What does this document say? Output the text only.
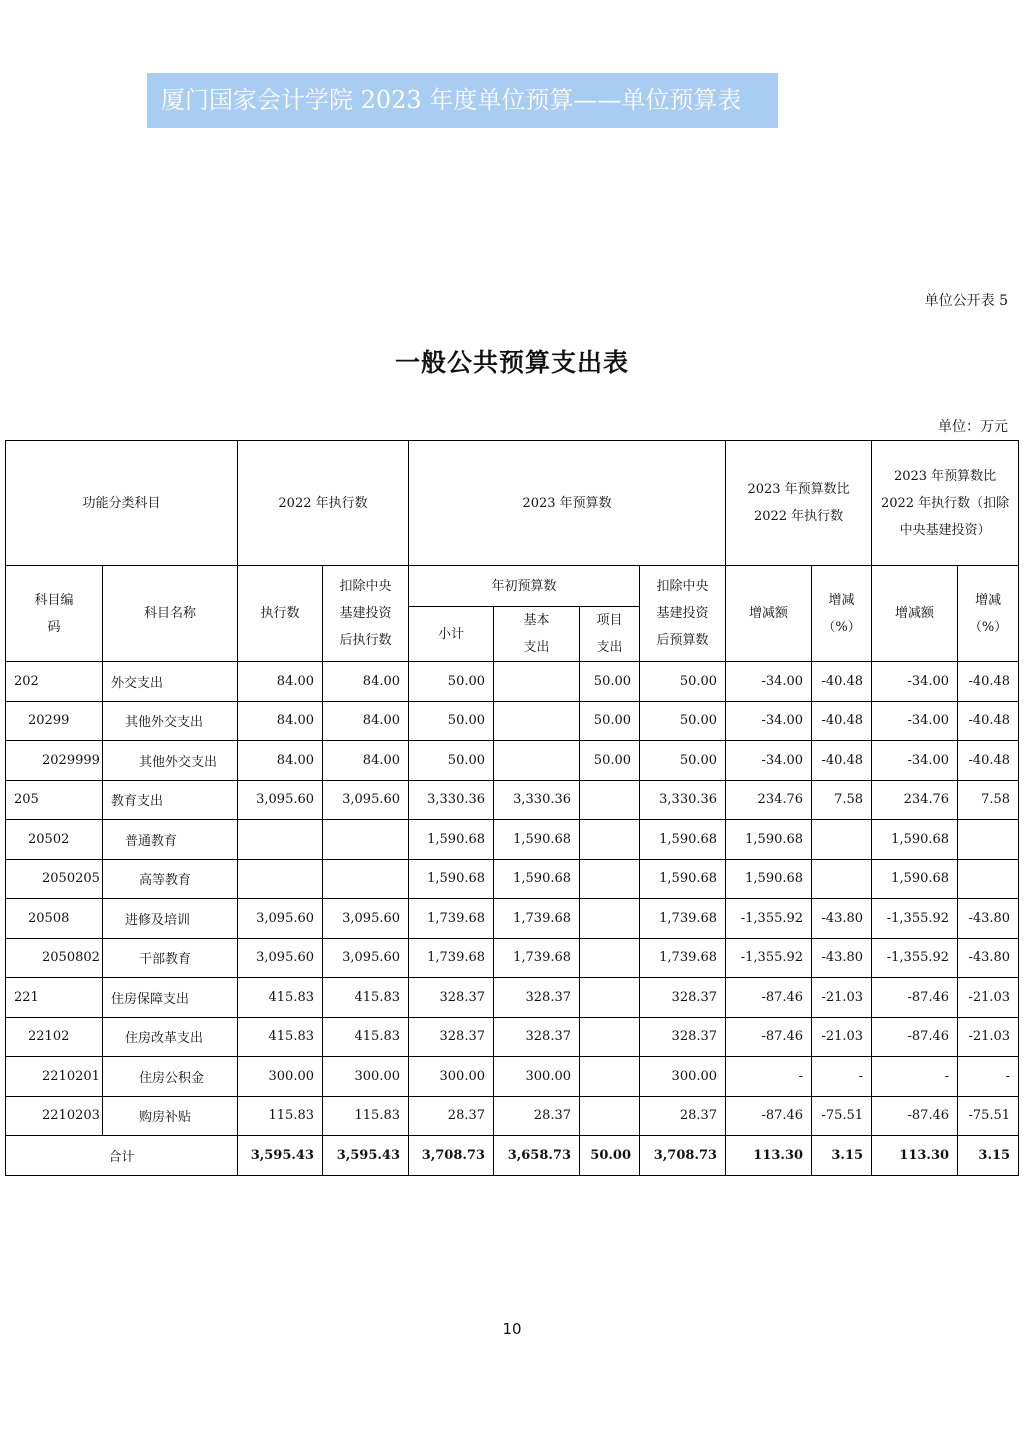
厦门国家会计学院 2023 年度单位预算——单位预算表
单位公开表 5
一般公共预算支出表
单位：万元
功能分类科目		2022 年执行数		2023 年预算数				2023 年预算数比 2022 年执行数		2023 年预算数比 2022 年执行数（扣除中央基建投资）	
科目编码	科目名称	执行数	扣除中央基建投资后执行数	年初预算数			扣除中央基建投资后预算数	增减额	增减（%）	增减额	增减（%）
				小计	基本支出	项目支出					
202	外交支出	84.00	84.00	50.00		50.00	50.00	-34.00	-40.48	-34.00	-40.48
20299	其他外交支出	84.00	84.00	50.00		50.00	50.00	-34.00	-40.48	-34.00	-40.48
2029999	其他外交支出	84.00	84.00	50.00		50.00	50.00	-34.00	-40.48	-34.00	-40.48
205	教育支出	3,095.60	3,095.60	3,330.36	3,330.36		3,330.36	234.76	7.58	234.76	7.58
20502	普通教育			1,590.68	1,590.68		1,590.68	1,590.68		1,590.68	
2050205	高等教育			1,590.68	1,590.68		1,590.68	1,590.68		1,590.68	
20508	进修及培训	3,095.60	3,095.60	1,739.68	1,739.68		1,739.68	-1,355.92	-43.80	-1,355.92	-43.80
2050802	干部教育	3,095.60	3,095.60	1,739.68	1,739.68		1,739.68	-1,355.92	-43.80	-1,355.92	-43.80
221	住房保障支出	415.83	415.83	328.37	328.37		328.37	-87.46	-21.03	-87.46	-21.03
22102	住房改革支出	415.83	415.83	328.37	328.37		328.37	-87.46	-21.03	-87.46	-21.03
2210201	住房公积金	300.00	300.00	300.00	300.00		300.00	-	-	-	-
2210203	购房补贴	115.83	115.83	28.37	28.37		28.37	-87.46	-75.51	-87.46	-75.51
合计		3,595.43	3,595.43	3,708.73	3,658.73	50.00	3,708.73	113.30	3.15	113.30	3.15
10
